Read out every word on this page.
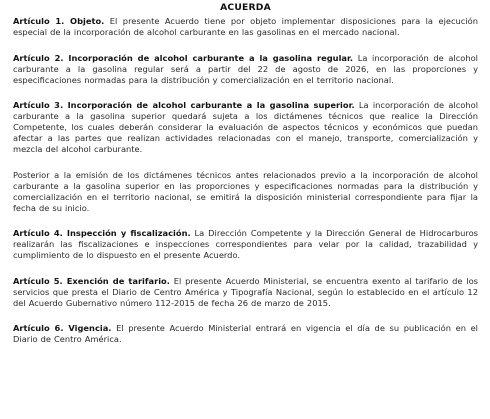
ACUERDA

Artículo 1. Objeto. El presente Acuerdo tiene por objeto implementar disposiciones para la ejecución especial de la incorporación de alcohol carburante en las gasolinas en el mercado nacional.

Artículo 2. Incorporación de alcohol carburante a la gasolina regular. La incorporación de alcohol carburante a la gasolina regular será a partir del 22 de agosto de 2026, en las proporciones y especificaciones normadas para la distribución y comercialización en el territorio nacional.

Artículo 3. Incorporación de alcohol carburante a la gasolina superior. La incorporación de alcohol carburante a la gasolina superior quedará sujeta a los dictámenes técnicos que realice la Dirección Competente, los cuales deberán considerar la evaluación de aspectos técnicos y económicos que puedan afectar a las partes que realizan actividades relacionadas con el manejo, transporte, comercialización y mezcla del alcohol carburante.

Posterior a la emisión de los dictámenes técnicos antes relacionados previo a la incorporación de alcohol carburante a la gasolina superior en las proporciones y especificaciones normadas para la distribución y comercialización en el territorio nacional, se emitirá la disposición ministerial correspondiente para fijar la fecha de su inicio.

Artículo 4. Inspección y fiscalización. La Dirección Competente y la Dirección General de Hidrocarburos realizarán las fiscalizaciones e inspecciones correspondientes para velar por la calidad, trazabilidad y cumplimiento de lo dispuesto en el presente Acuerdo.

Artículo 5. Exención de tarifario. El presente Acuerdo Ministerial, se encuentra exento al tarifario de los servicios que presta el Diario de Centro América y Tipografía Nacional, según lo establecido en el artículo 12 del Acuerdo Gubernativo número 112-2015 de fecha 26 de marzo de 2015.

Artículo 6. Vigencia. El presente Acuerdo Ministerial entrará en vigencia el día de su publicación en el Diario de Centro América.
